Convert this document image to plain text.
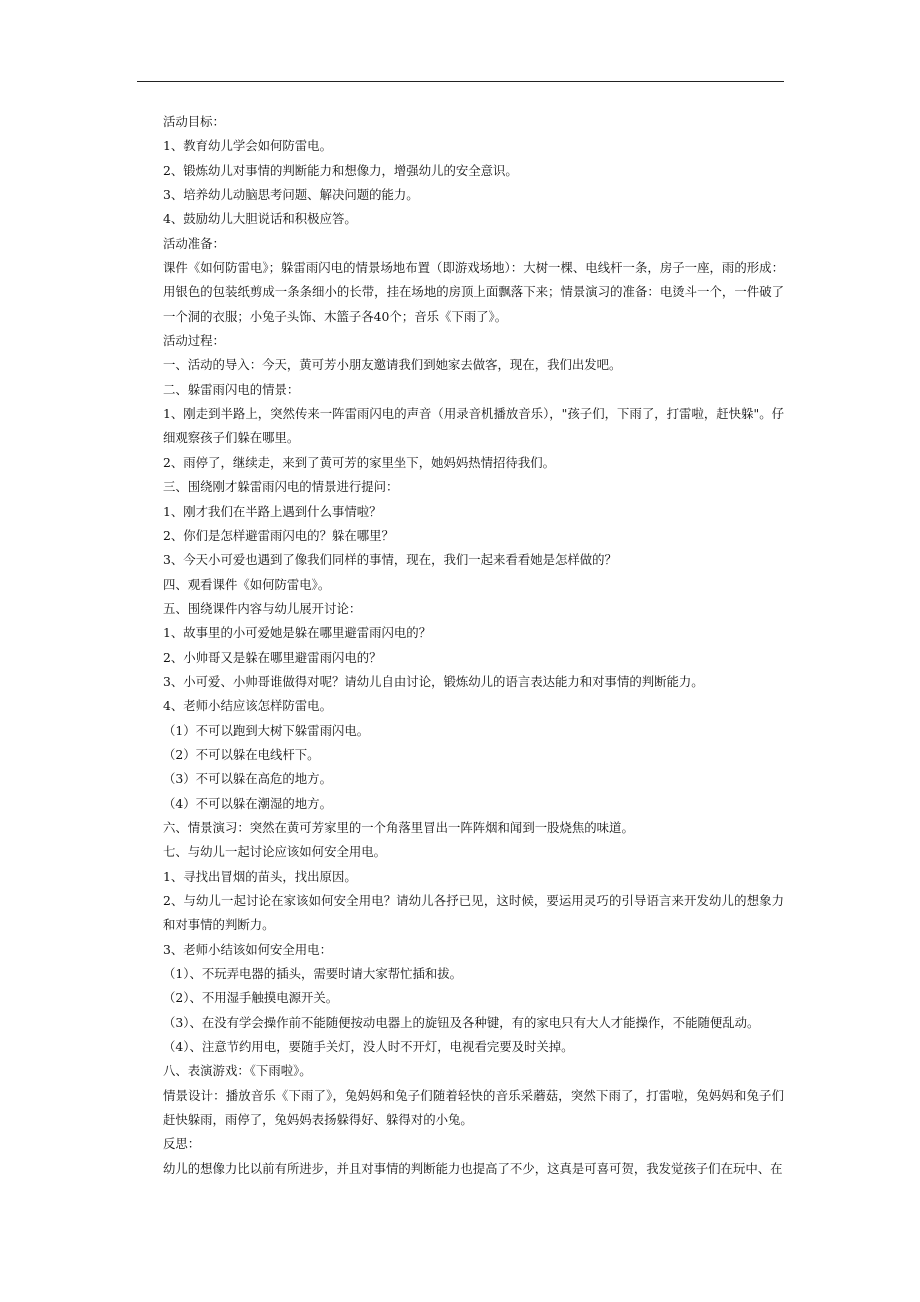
活动目标：
1、教育幼儿学会如何防雷电。
2、锻炼幼儿对事情的判断能力和想像力，增强幼儿的安全意识。
3、培养幼儿动脑思考问题、解决问题的能力。
4、鼓励幼儿大胆说话和积极应答。
活动准备：
课件《如何防雷电》；躲雷雨闪电的情景场地布置（即游戏场地）：大树一棵、电线杆一条，房子一座，雨的形成：用银色的包装纸剪成一条条细小的长带，挂在场地的房顶上面飘落下来；情景演习的准备：电烫斗一个，一件破了一个洞的衣服；小兔子头饰、木篮子各40个；音乐《下雨了》。
活动过程：
一、活动的导入：今天，黄可芳小朋友邀请我们到她家去做客，现在，我们出发吧。
二、躲雷雨闪电的情景：
1、刚走到半路上，突然传来一阵雷雨闪电的声音（用录音机播放音乐），"孩子们，下雨了，打雷啦，赶快躲"。仔细观察孩子们躲在哪里。
2、雨停了，继续走，来到了黄可芳的家里坐下，她妈妈热情招待我们。
三、围绕刚才躲雷雨闪电的情景进行提问：
1、刚才我们在半路上遇到什么事情啦？
2、你们是怎样避雷雨闪电的？躲在哪里？
3、今天小可爱也遇到了像我们同样的事情，现在，我们一起来看看她是怎样做的？
四、观看课件《如何防雷电》。
五、围绕课件内容与幼儿展开讨论：
1、故事里的小可爱她是躲在哪里避雷雨闪电的？
2、小帅哥又是躲在哪里避雷雨闪电的？
3、小可爱、小帅哥谁做得对呢？请幼儿自由讨论，锻炼幼儿的语言表达能力和对事情的判断能力。
4、老师小结应该怎样防雷电。
（1）不可以跑到大树下躲雷雨闪电。
（2）不可以躲在电线杆下。
（3）不可以躲在高危的地方。
（4）不可以躲在潮湿的地方。
六、情景演习：突然在黄可芳家里的一个角落里冒出一阵阵烟和闻到一股烧焦的味道。
七、与幼儿一起讨论应该如何安全用电。
1、寻找出冒烟的苗头，找出原因。
2、与幼儿一起讨论在家该如何安全用电？请幼儿各抒已见，这时候，要运用灵巧的引导语言来开发幼儿的想象力和对事情的判断力。
3、老师小结该如何安全用电：
（1）、不玩弄电器的插头，需要时请大家帮忙插和拔。
（2）、不用湿手触摸电源开关。
（3）、在没有学会操作前不能随便按动电器上的旋钮及各种键，有的家电只有大人才能操作，不能随便乱动。
（4）、注意节约用电，要随手关灯，没人时不开灯，电视看完要及时关掉。
八、表演游戏：《下雨啦》。
情景设计：播放音乐《下雨了》，兔妈妈和兔子们随着轻快的音乐采蘑菇，突然下雨了，打雷啦，兔妈妈和兔子们赶快躲雨，雨停了，兔妈妈表扬躲得好、躲得对的小兔。
反思：
幼儿的想像力比以前有所进步，并且对事情的判断能力也提高了不少，这真是可喜可贺，我发觉孩子们在玩中、在
